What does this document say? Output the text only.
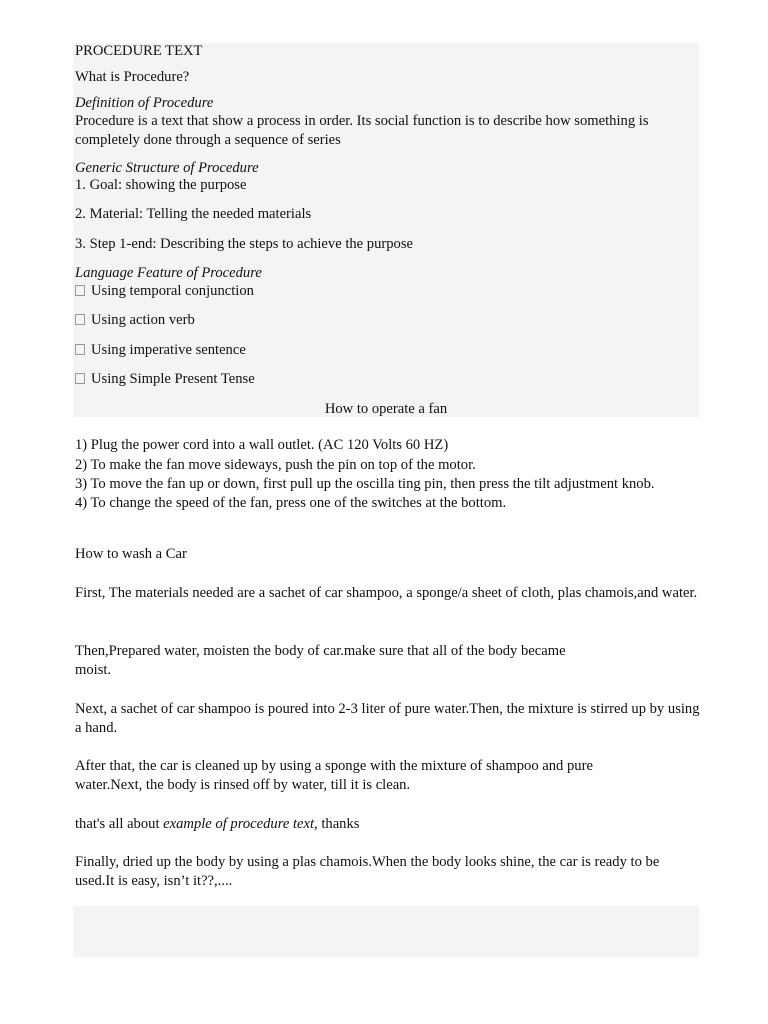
PROCEDURE TEXT
What is Procedure?
Definition of Procedure
Procedure is a text that show a process in order. Its social function is to describe how something is completely done through a sequence of series
Generic Structure of Procedure
1. Goal: showing the purpose
2. Material: Telling the needed materials
3. Step 1-end: Describing the steps to achieve the purpose
Language Feature of Procedure
Using temporal conjunction
Using action verb
Using imperative sentence
Using Simple Present Tense
How to operate a fan
1) Plug the power cord into a wall outlet. (AC 120 Volts 60 HZ)
2) To make the fan move sideways, push the pin on top of the motor.
3) To move the fan up or down, first pull up the oscilla ting pin, then press the tilt adjustment knob.
4) To change the speed of the fan, press one of the switches at the bottom.
How to wash a Car
First, The materials needed are a sachet of car shampoo, a sponge/a sheet of cloth, plas chamois,and water.
Then,Prepared water, moisten the body of car.make sure that all of the body became moist.
Next, a sachet of car shampoo is poured into 2-3 liter of pure water.Then, the mixture is stirred up by using a hand.
After that, the car is cleaned up by using a sponge with the mixture of shampoo and pure water.Next, the body is rinsed off by water, till it is clean.
that's all about example of procedure text, thanks
Finally, dried up the body by using a plas chamois.When the body looks shine, the car is ready to be used.It is easy, isn’t it??,....
